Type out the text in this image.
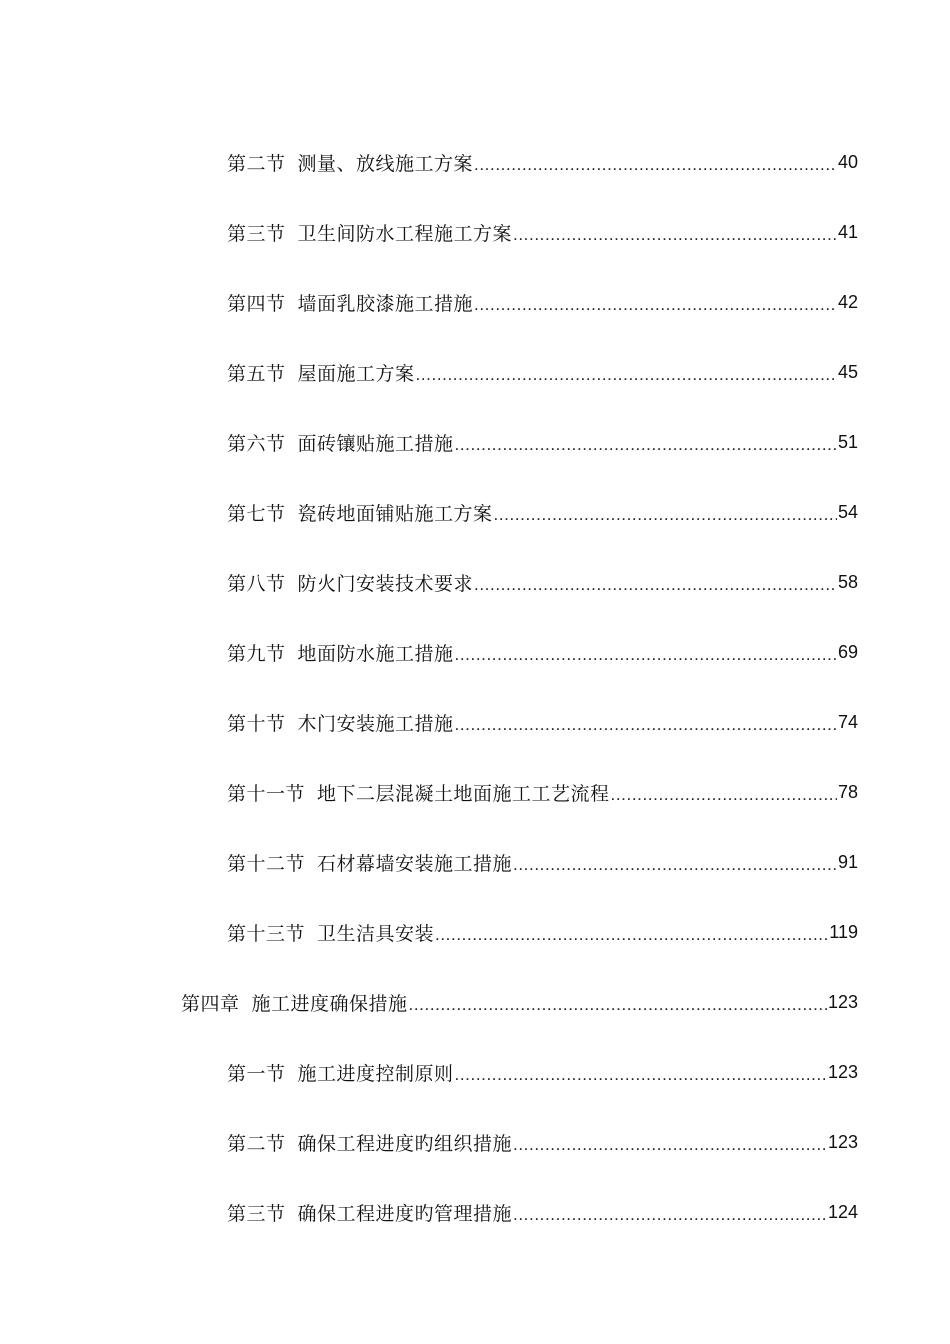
第二节 测量、放线施工方案 .....	40
第三节 卫生间防水工程施工方案 .....	41
第四节 墙面乳胶漆施工措施 .....	42
第五节 屋面施工方案 .....	45
第六节 面砖镶贴施工措施 .....	51
第七节 瓷砖地面铺贴施工方案 .....	54
第八节 防火门安装技术要求 .....	58
第九节 地面防水施工措施 .....	69
第十节 木门安装施工措施 .....	74
第十一节 地下二层混凝土地面施工工艺流程 .....	78
第十二节 石材幕墙安装施工措施 .....	91
第十三节 卫生洁具安装 .....	119
第四章 施工进度确保措施 .....	123
第一节 施工进度控制原则 .....	123
第二节 确保工程进度旳组织措施 .....	123
第三节 确保工程进度旳管理措施 .....	124
